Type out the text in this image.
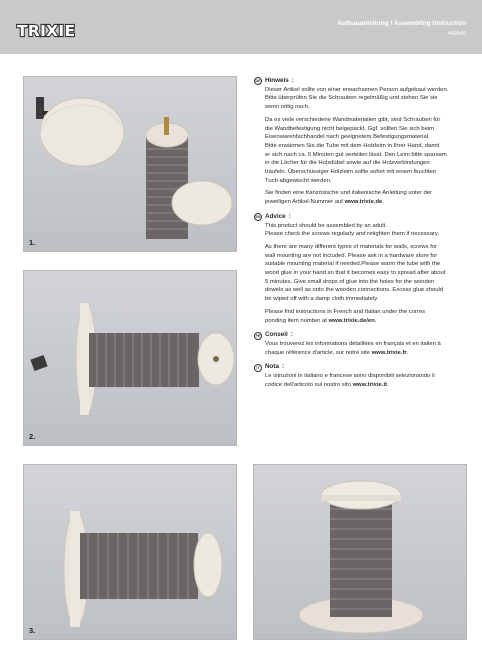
TRIXIE	Aufbauanleitung / Assembling Instruction
#49945
1.
2.
3.
DE Hinweis :
Dieser Artikel sollte von einer erwachsenen Person aufgebaut werden.
Bitte überprüfen Sie die Schrauben regelmäßig und ziehen Sie sie
wenn nötig nach.
Da es viele verschiedene Wandmaterialien gibt, sind Schrauben für
die Wandbefestigung nicht beigepackt. Ggf. sollten Sie sich beim
Eisenwarenfachhandel nach geeignetem Befestigungsmaterial.
Bitte erwärmen Sie die Tube mit dem Holzleim in Ihrer Hand, damit
er sich nach ca. 5 Minuten gut verteilen lässt. Den Leim bitte sparsam
in die Löcher für die Holzdübel sowie auf die Holzverbindungen
träufeln. Überschüssiger Holzleim sollte sofort mit einem feuchten
Tuch abgewischt werden.
Sie finden eine französische und italienische Anleitung unter der
jeweiligen Artikel-Nummer auf www.trixie.de.
EN Advice :
This product should be assembled by an adult.
Please check the screws regularly and retighten them if necessary.
As there are many different types of materials for walls, screws for
wall mounting are not included. Please ask in a hardware store for
suitable mounting material if needed.Please warm the tube with the
wood glue in your hand so that it becomes easy to spread after about
5 minutes. Give small drops of glue into the holes for the wooden
dowels as well as onto the wooden connections. Excess glue should
be wiped off with a damp cloth immediately.
Please find instructions in French and Italian under the corres
ponding item number at www.trixie.de/en.
FR Conseil :
Vous trouverez les informations détaillées en français et en italien à
chaque référence d'article, sur notre site www.trixie.fr.
IT Nota :
Le istruzioni in italiano e francese sono disponibili selezionando il
codice dell'articolo sul nostro sito www.trixie.it.
